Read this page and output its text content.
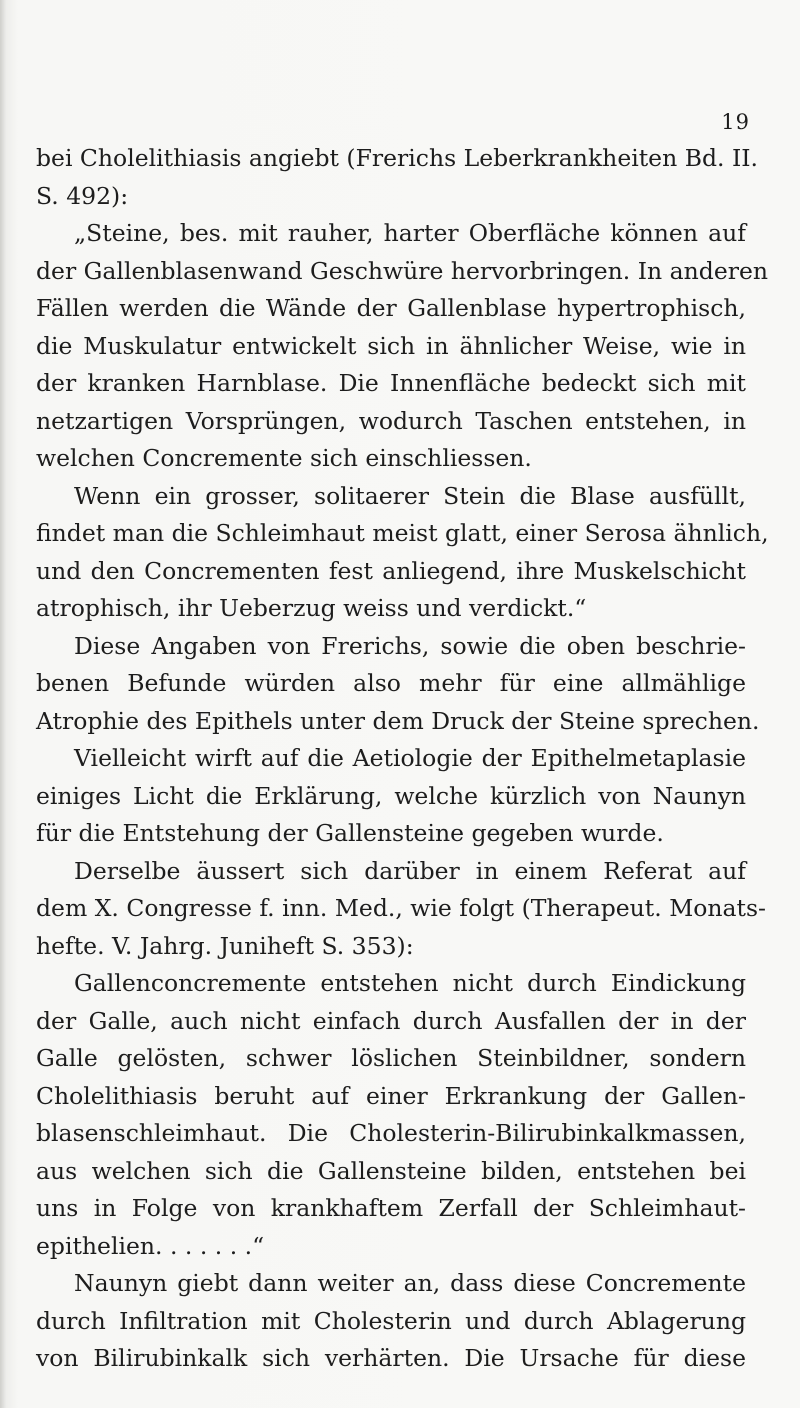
19
bei Cholelithiasis angiebt (Frerichs Leberkrankheiten Bd. II.
S. 492):
„Steine, bes. mit rauher, harter Oberfläche können auf
der Gallenblasenwand Geschwüre hervorbringen. In anderen
Fällen werden die Wände der Gallenblase hypertrophisch,
die Muskulatur entwickelt sich in ähnlicher Weise, wie in
der kranken Harnblase. Die Innenfläche bedeckt sich mit
netzartigen Vorsprüngen, wodurch Taschen entstehen, in
welchen Concremente sich einschliessen.
Wenn ein grosser, solitaerer Stein die Blase ausfüllt,
findet man die Schleimhaut meist glatt, einer Serosa ähnlich,
und den Concrementen fest anliegend, ihre Muskelschicht
atrophisch, ihr Ueberzug weiss und verdickt.“
Diese Angaben von Frerichs, sowie die oben beschrie-
benen Befunde würden also mehr für eine allmählige
Atrophie des Epithels unter dem Druck der Steine sprechen.
Vielleicht wirft auf die Aetiologie der Epithelmetaplasie
einiges Licht die Erklärung, welche kürzlich von Naunyn
für die Entstehung der Gallensteine gegeben wurde.
Derselbe äussert sich darüber in einem Referat auf
dem X. Congresse f. inn. Med., wie folgt (Therapeut. Monats-
hefte. V. Jahrg. Juniheft S. 353):
Gallenconcremente entstehen nicht durch Eindickung
der Galle, auch nicht einfach durch Ausfallen der in der
Galle gelösten, schwer löslichen Steinbildner, sondern
Cholelithiasis beruht auf einer Erkrankung der Gallen-
blasenschleimhaut. Die Cholesterin-Bilirubinkalkmassen,
aus welchen sich die Gallensteine bilden, entstehen bei
uns in Folge von krankhaftem Zerfall der Schleimhaut-
epithelien. . . . . . .“
Naunyn giebt dann weiter an, dass diese Concremente
durch Infiltration mit Cholesterin und durch Ablagerung
von Bilirubinkalk sich verhärten. Die Ursache für diese
